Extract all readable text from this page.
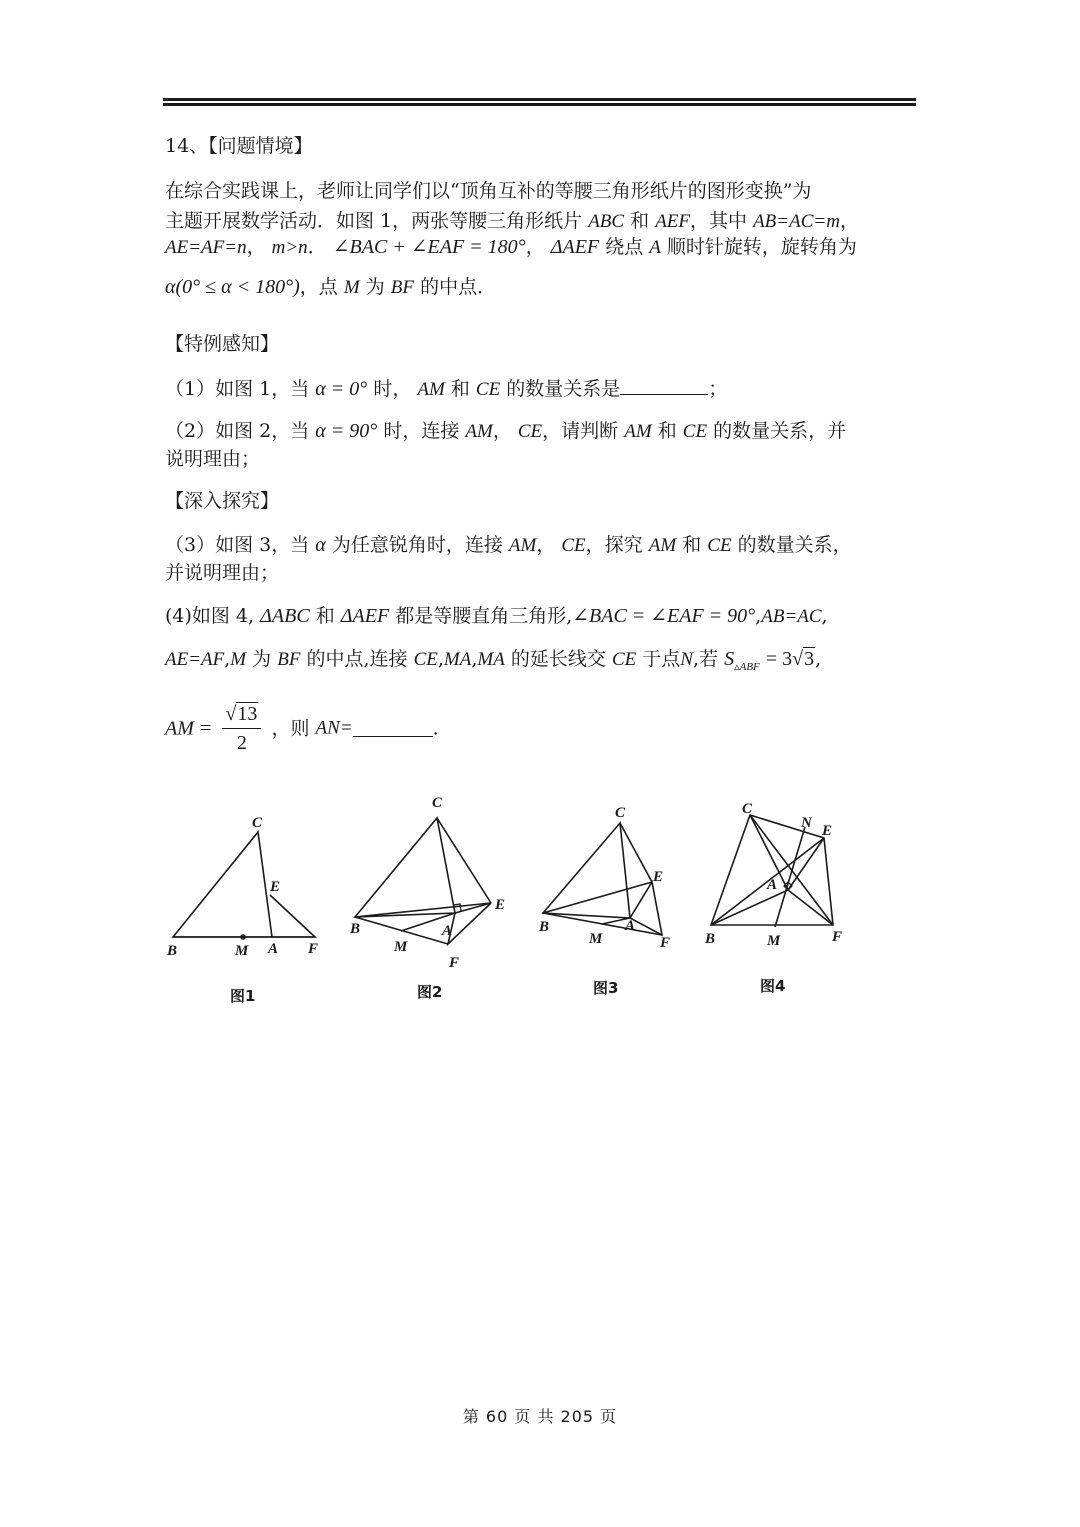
14、【问题情境】
在综合实践课上，老师让同学们以“顶角互补的等腰三角形纸片的图形变换”为
主题开展数学活动．如图 1，两张等腰三角形纸片 ABC 和 AEF，其中 AB=AC=m，
AE=AF=n， m>n． ∠BAC + ∠EAF = 180°， ΔAEF 绕点 A 顺时针旋转，旋转角为
α(0° ≤ α < 180°)，点 M 为 BF 的中点．
【特例感知】
（1）如图 1，当 α = 0° 时， AM 和 CE 的数量关系是	；
（2）如图 2，当 α = 90° 时，连接 AM， CE，请判断 AM 和 CE 的数量关系，并
说明理由；
【深入探究】
（3）如图 3，当 α 为任意锐角时，连接 AM， CE，探究 AM 和 CE 的数量关系，
并说明理由；
(4)如图 4, ΔABC 和 ΔAEF 都是等腰直角三角形,∠BAC = ∠EAF = 90°,AB=AC,
AE=AF,M 为 BF 的中点,连接 CE,MA,MA 的延长线交 CE 于点N,若 $S_{▵ABF} = 3√3$,
AM = $\frac{√13}{2}$ ，则 AN=	.
C
E
B	M A F
图1
C
E
B	A
M
F
图2
C
E
B
M
A
F
图3
C
N E
A
B	M	F
图4
第 60 页 共 205 页
